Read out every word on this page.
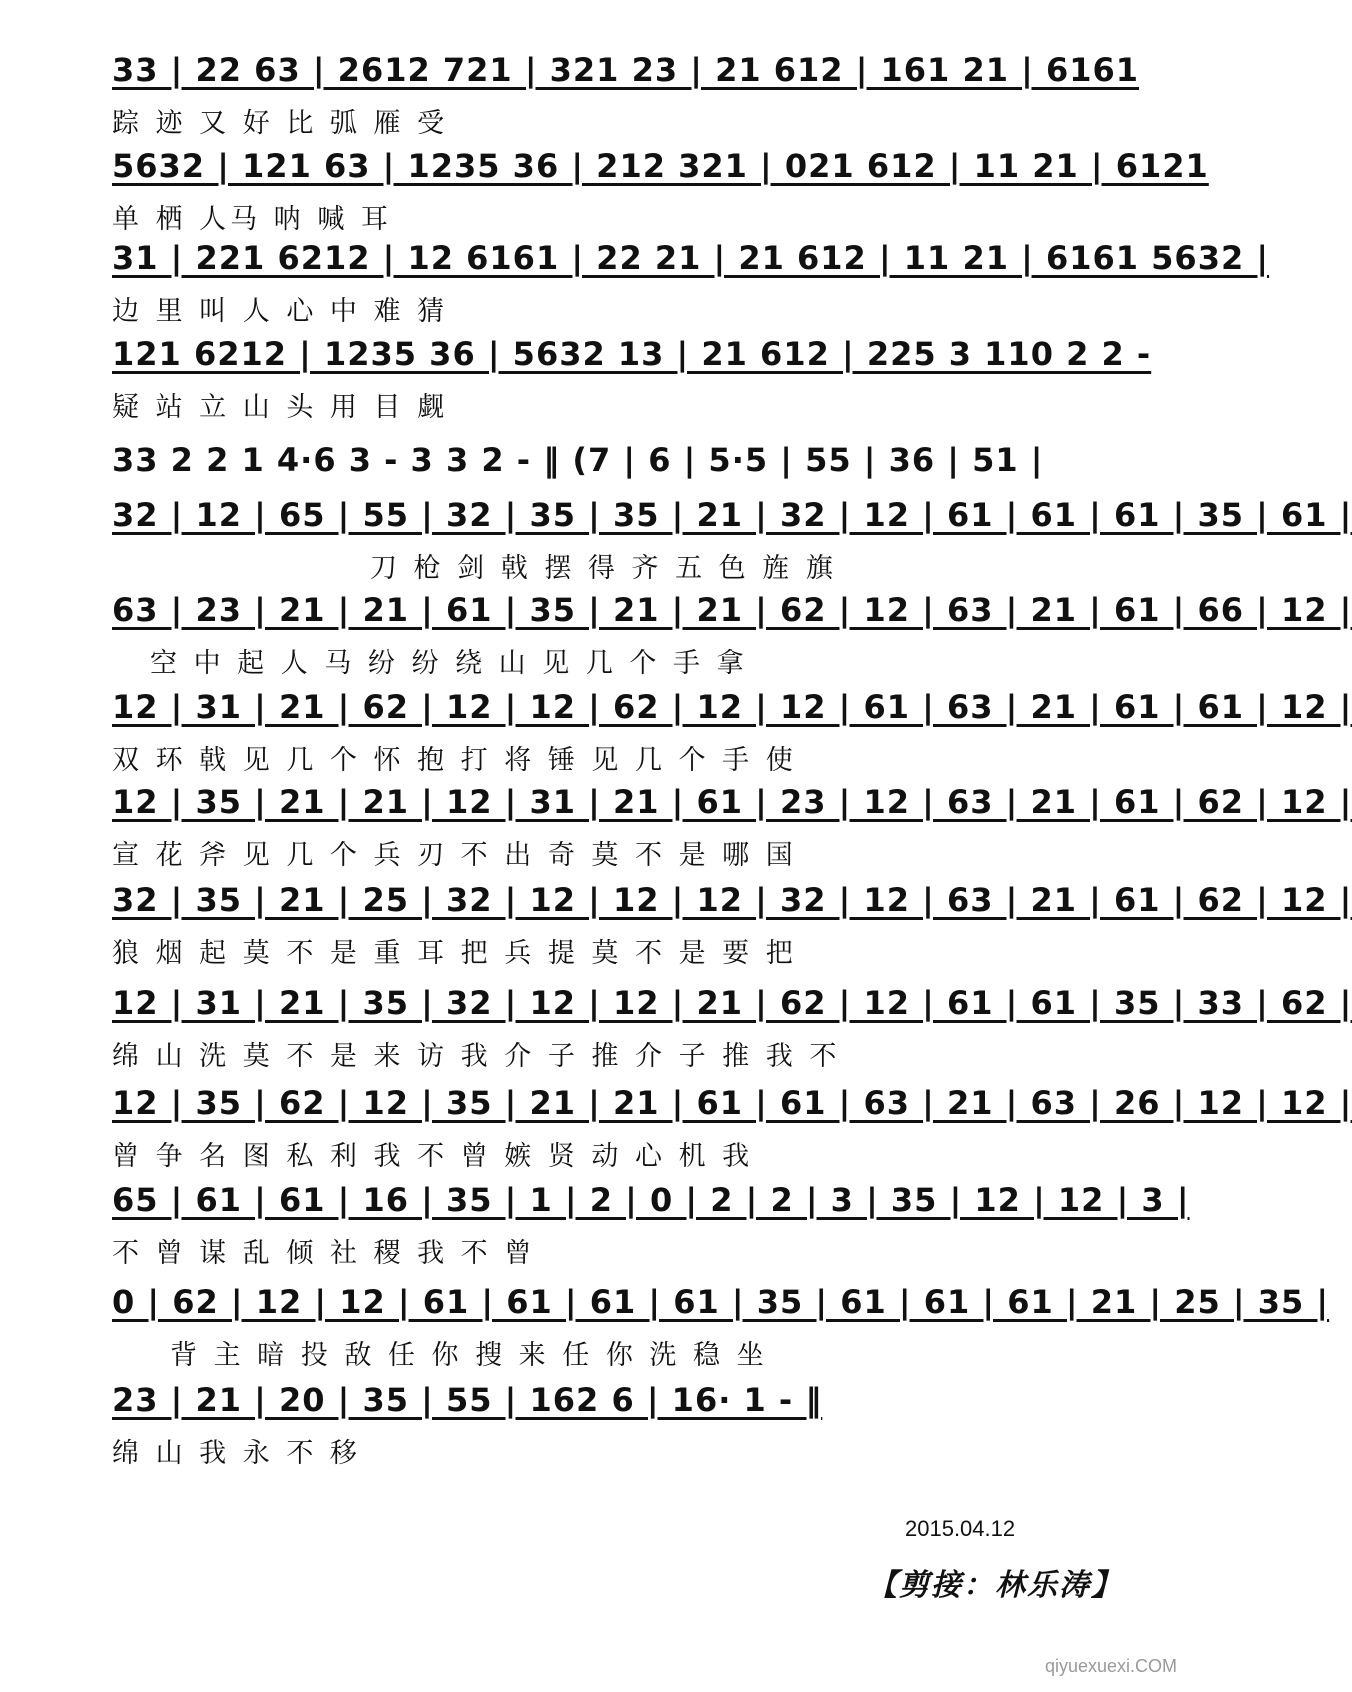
33 | 22 63 | 2612 721 | 321 23 | 21 612 | 161 21 | 6161
踪 迹 又 好 比 弧 雁 受
5632 | 121 63 | 1235 36 | 212 321 | 021 612 | 11 21 | 6121
单 栖 人马 呐 喊 耳
31 | 221 6212 | 12 6161 | 22 21 | 21 612 | 11 21 | 6161 5632 |
边 里 叫 人 心 中 难 猜
121 6212 | 1235 36 | 5632 13 | 21 612 | 225 3 110 2 2 -
疑 站 立 山 头 用 目 觑
33 2 2 1 4·6 3 - 3 3 2 - ‖ (7 | 6 | 5·5 | 55 | 36 | 51 |
32 | 12 | 65 | 55 | 32 | 35 | 35 | 21 | 32 | 12 | 61 | 61 | 61 | 35 | 61 |
刀 枪 剑 戟 摆 得 齐 五 色 旌 旗
63 | 23 | 21 | 21 | 61 | 35 | 21 | 21 | 62 | 12 | 63 | 21 | 61 | 66 | 12 |
空 中 起 人 马 纷 纷 绕 山 见 几 个 手 拿
12 | 31 | 21 | 62 | 12 | 12 | 62 | 12 | 12 | 61 | 63 | 21 | 61 | 61 | 12 |
双 环 戟 见 几 个 怀 抱 打 将 锤 见 几 个 手 使
12 | 35 | 21 | 21 | 12 | 31 | 21 | 61 | 23 | 12 | 63 | 21 | 61 | 62 | 12 |
宣 花 斧 见 几 个 兵 刃 不 出 奇 莫 不 是 哪 国
32 | 35 | 21 | 25 | 32 | 12 | 12 | 12 | 32 | 12 | 63 | 21 | 61 | 62 | 12 |
狼 烟 起 莫 不 是 重 耳 把 兵 提 莫 不 是 要 把
12 | 31 | 21 | 35 | 32 | 12 | 12 | 21 | 62 | 12 | 61 | 61 | 35 | 33 | 62 |
绵 山 洗 莫 不 是 来 访 我 介 子 推 介 子 推 我 不
12 | 35 | 62 | 12 | 35 | 21 | 21 | 61 | 61 | 63 | 21 | 63 | 26 | 12 | 12 |
曾 争 名 图 私 利 我 不 曾 嫉 贤 动 心 机 我
65 | 61 | 61 | 16 | 35 | 1 | 2 | 0 | 2 | 2 | 3 | 35 | 12 | 12 | 3 |
不 曾 谋 乱 倾 社 稷 我 不 曾
0 | 62 | 12 | 12 | 61 | 61 | 61 | 61 | 35 | 61 | 61 | 61 | 21 | 25 | 35 |
背 主 暗 投 敌 任 你 搜 来 任 你 洗 稳 坐
23 | 21 | 20 | 35 | 55 | 162 6 | 16· 1 - ‖
绵 山 我 永 不 移
2015.04.12
【剪接：林乐涛】
qiyuexuexi.COM
